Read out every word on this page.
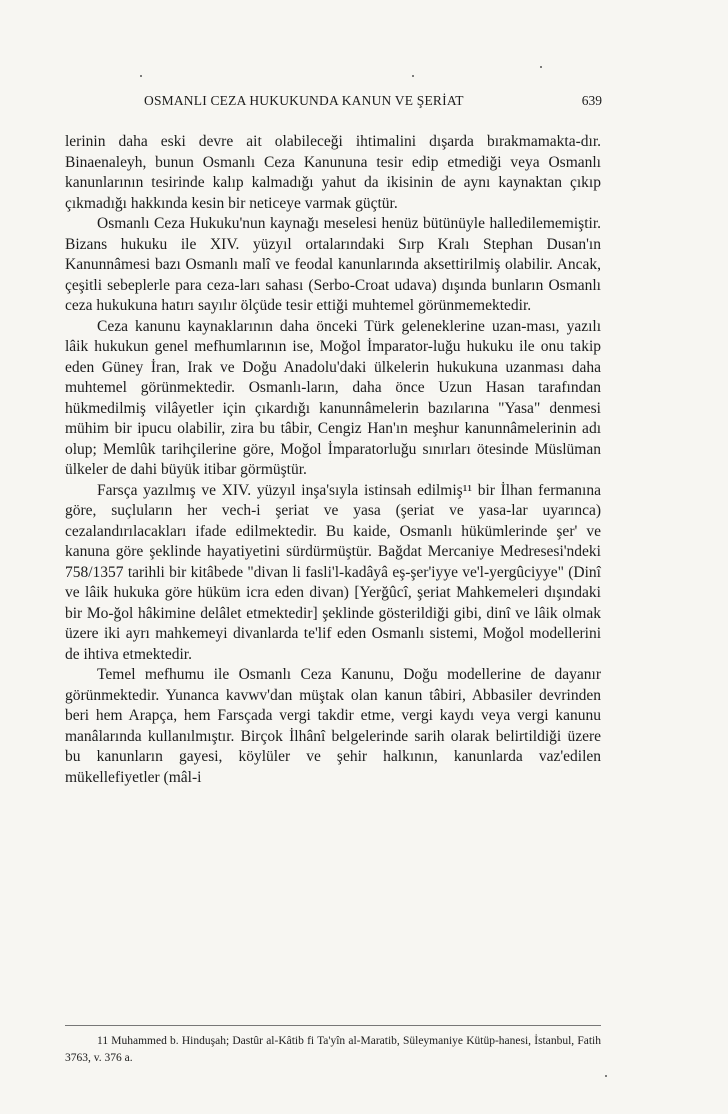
OSMANLI CEZA HUKUKUNDA KANUN VE ŞERİAT	639

lerinin daha eski devre ait olabileceği ihtimalini dışarda bırakmamakta-dır. Binaenaleyh, bunun Osmanlı Ceza Kanununa tesir edip etmediği veya Osmanlı kanunlarının tesirinde kalıp kalmadığı yahut da ikisinin de aynı kaynaktan çıkıp çıkmadığı hakkında kesin bir neticeye varmak güçtür.

Osmanlı Ceza Hukuku'nun kaynağı meselesi henüz bütünüyle halledilememiştir. Bizans hukuku ile XIV. yüzyıl ortalarındaki Sırp Kralı Stephan Dusan'ın Kanunnâmesi bazı Osmanlı malî ve feodal kanunlarında aksettirilmiş olabilir. Ancak, çeşitli sebeplerle para ceza-ları sahası (Serbo-Croat udava) dışında bunların Osmanlı ceza hukukuna hatırı sayılır ölçüde tesir ettiği muhtemel görünmemektedir.

Ceza kanunu kaynaklarının daha önceki Türk geleneklerine uzan-ması, yazılı lâik hukukun genel mefhumlarının ise, Moğol İmparator-luğu hukuku ile onu takip eden Güney İran, Irak ve Doğu Anadolu'daki ülkelerin hukukuna uzanması daha muhtemel görünmektedir. Osmanlı-ların, daha önce Uzun Hasan tarafından hükmedilmiş vilâyetler için çıkardığı kanunnâmelerin bazılarına "Yasa" denmesi mühim bir ipucu olabilir, zira bu tâbir, Cengiz Han'ın meşhur kanunnâmelerinin adı olup; Memlûk tarihçilerine göre, Moğol İmparatorluğu sınırları ötesinde Müslüman ülkeler de dahi büyük itibar görmüştür.

Farsça yazılmış ve XIV. yüzyıl inşa'sıyla istinsah edilmiş¹¹ bir İlhan fermanına göre, suçluların her vech-i şeriat ve yasa (şeriat ve yasa-lar uyarınca) cezalandırılacakları ifade edilmektedir. Bu kaide, Osmanlı hükümlerinde şer' ve kanuna göre şeklinde hayatiyetini sürdürmüştür. Bağdat Mercaniye Medresesi'ndeki 758/1357 tarihli bir kitâbede "divan li fasli'l-kadâyâ eş-şer'iyye ve'l-yergûciyye" (Dinî ve lâik hukuka göre hüküm icra eden divan) [Yerğûcî, şeriat Mahkemeleri dışındaki bir Mo-ğol hâkimine delâlet etmektedir] şeklinde gösterildiği gibi, dinî ve lâik olmak üzere iki ayrı mahkemeyi divanlarda te'lif eden Osmanlı sistemi, Moğol modellerini de ihtiva etmektedir.

Temel mefhumu ile Osmanlı Ceza Kanunu, Doğu modellerine de dayanır görünmektedir. Yunanca kavwv'dan müştak olan kanun tâbiri, Abbasiler devrinden beri hem Arapça, hem Farsçada vergi takdir etme, vergi kaydı veya vergi kanunu manâlarında kullanılmıştır. Birçok İlhânî belgelerinde sarih olarak belirtildiği üzere bu kanunların gayesi, köylüler ve şehir halkının, kanunlarda vaz'edilen mükellefiyetler (mâl-i

11 Muhammed b. Hinduşah; Dastûr al-Kâtib fi Ta'yîn al-Maratib, Süleymaniye Kütüp-hanesi, İstanbul, Fatih 3763, v. 376 a.
